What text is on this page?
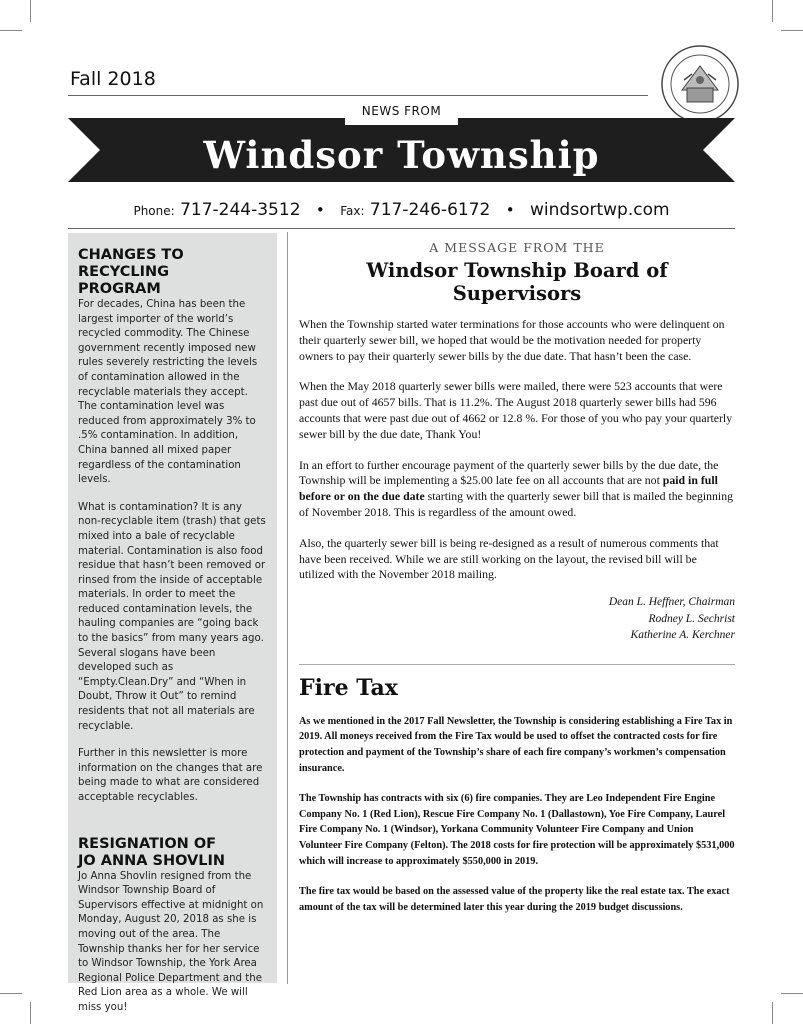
Fall 2018
NEWS FROM
Windsor Township
Phone: 717-244-3512 • Fax: 717-246-6172 • windsortwp.com
CHANGES TO RECYCLING
PROGRAM

For decades, China has been the largest importer of the world’s recycled commodity. The Chinese government recently imposed new rules severely restricting the levels of contamination allowed in the recyclable materials they accept. The contamination level was reduced from approximately 3% to .5% contamination. In addition, China banned all mixed paper regardless of the contamination levels.

What is contamination? It is any non-recyclable item (trash) that gets mixed into a bale of recyclable material. Contamination is also food residue that hasn’t been removed or rinsed from the inside of acceptable materials. In order to meet the reduced contamination levels, the hauling companies are “going back to the basics” from many years ago. Several slogans have been developed such as “Empty.Clean.Dry” and “When in Doubt, Throw it Out” to remind residents that not all materials are recyclable.

Further in this newsletter is more information on the changes that are being made to what are considered acceptable recyclables.

RESIGNATION OF
JO ANNA SHOVLIN

Jo Anna Shovlin resigned from the Windsor Township Board of Supervisors effective at midnight on Monday, August 20, 2018 as she is moving out of the area. The Township thanks her for her service to Windsor Township, the York Area Regional Police Department and the Red Lion area as a whole. We will miss you!

A MESSAGE FROM THE

Windsor Township Board of Supervisors

When the Township started water terminations for those accounts who were delinquent on their quarterly sewer bill, we hoped that would be the motivation needed for property owners to pay their quarterly sewer bills by the due date. That hasn’t been the case.

When the May 2018 quarterly sewer bills were mailed, there were 523 accounts that were past due out of 4657 bills. That is 11.2%. The August 2018 quarterly sewer bills had 596 accounts that were past due out of 4662 or 12.8 %. For those of you who pay your quarterly sewer bill by the due date, Thank You!

In an effort to further encourage payment of the quarterly sewer bills by the due date, the Township will be implementing a $25.00 late fee on all accounts that are not paid in full before or on the due date starting with the quarterly sewer bill that is mailed the beginning of November 2018. This is regardless of the amount owed.

Also, the quarterly sewer bill is being re-designed as a result of numerous comments that have been received. While we are still working on the layout, the revised bill will be utilized with the November 2018 mailing.

Dean L. Heffner, Chairman
Rodney L. Sechrist
Katherine A. Kerchner
Fire Tax

As we mentioned in the 2017 Fall Newsletter, the Township is considering establishing a Fire Tax in 2019. All moneys received from the Fire Tax would be used to offset the contracted costs for fire protection and payment of the Township’s share of each fire company’s workmen’s compensation insurance.

The Township has contracts with six (6) fire companies. They are Leo Independent Fire Engine Company No. 1 (Red Lion), Rescue Fire Company No. 1 (Dallastown), Yoe Fire Company, Laurel Fire Company No. 1 (Windsor), Yorkana Community Volunteer Fire Company and Union Volunteer Fire Company (Felton). The 2018 costs for fire protection will be approximately $531,000 which will increase to approximately $550,000 in 2019.

The fire tax would be based on the assessed value of the property like the real estate tax. The exact amount of the tax will be determined later this year during the 2019 budget discussions.
